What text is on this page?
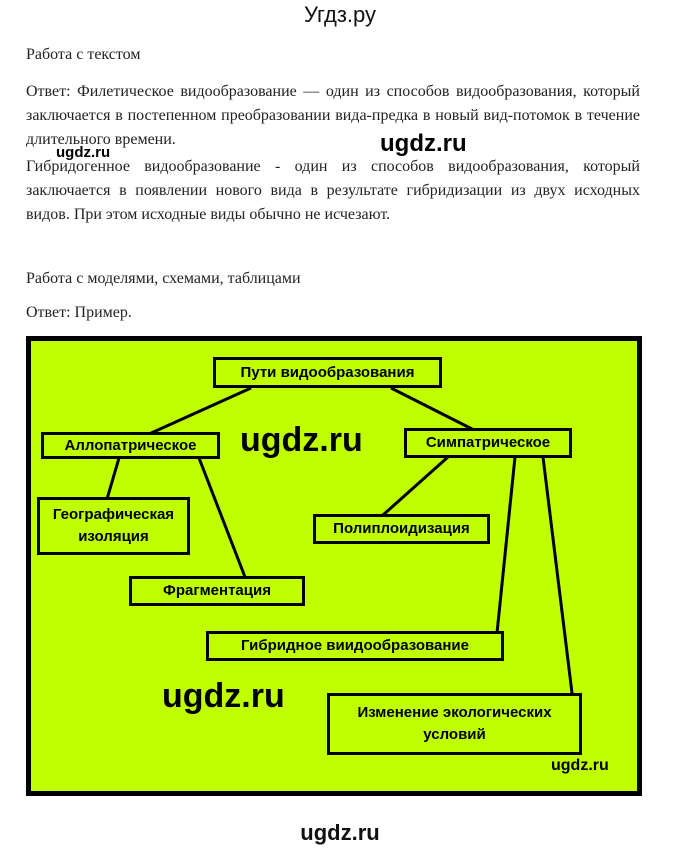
Угдз.ру
Работа с текстом

Ответ: Филетическое видообразование — один из способов видообразования, который заключается в постепенном преобразовании вида-предка в новый вид-потомок в течение длительного времени.

Гибридогенное видообразование - один из способов видообразования, который заключается в появлении нового вида в результате гибридизации из двух исходных видов. При этом исходные виды обычно не исчезают.

ugdz.ru
ugdz.ru
Работа с моделями, схемами, таблицами
Ответ: Пример.
Пути видообразования
Аллопатрическое	Симпатрическое
Географическая изоляция	Полиплоидизация
Фрагментация
Гибридное виидообразование
Изменение экологических условий
ugdz.ru
ugdz.ru
ugdz.ru
ugdz.ru
